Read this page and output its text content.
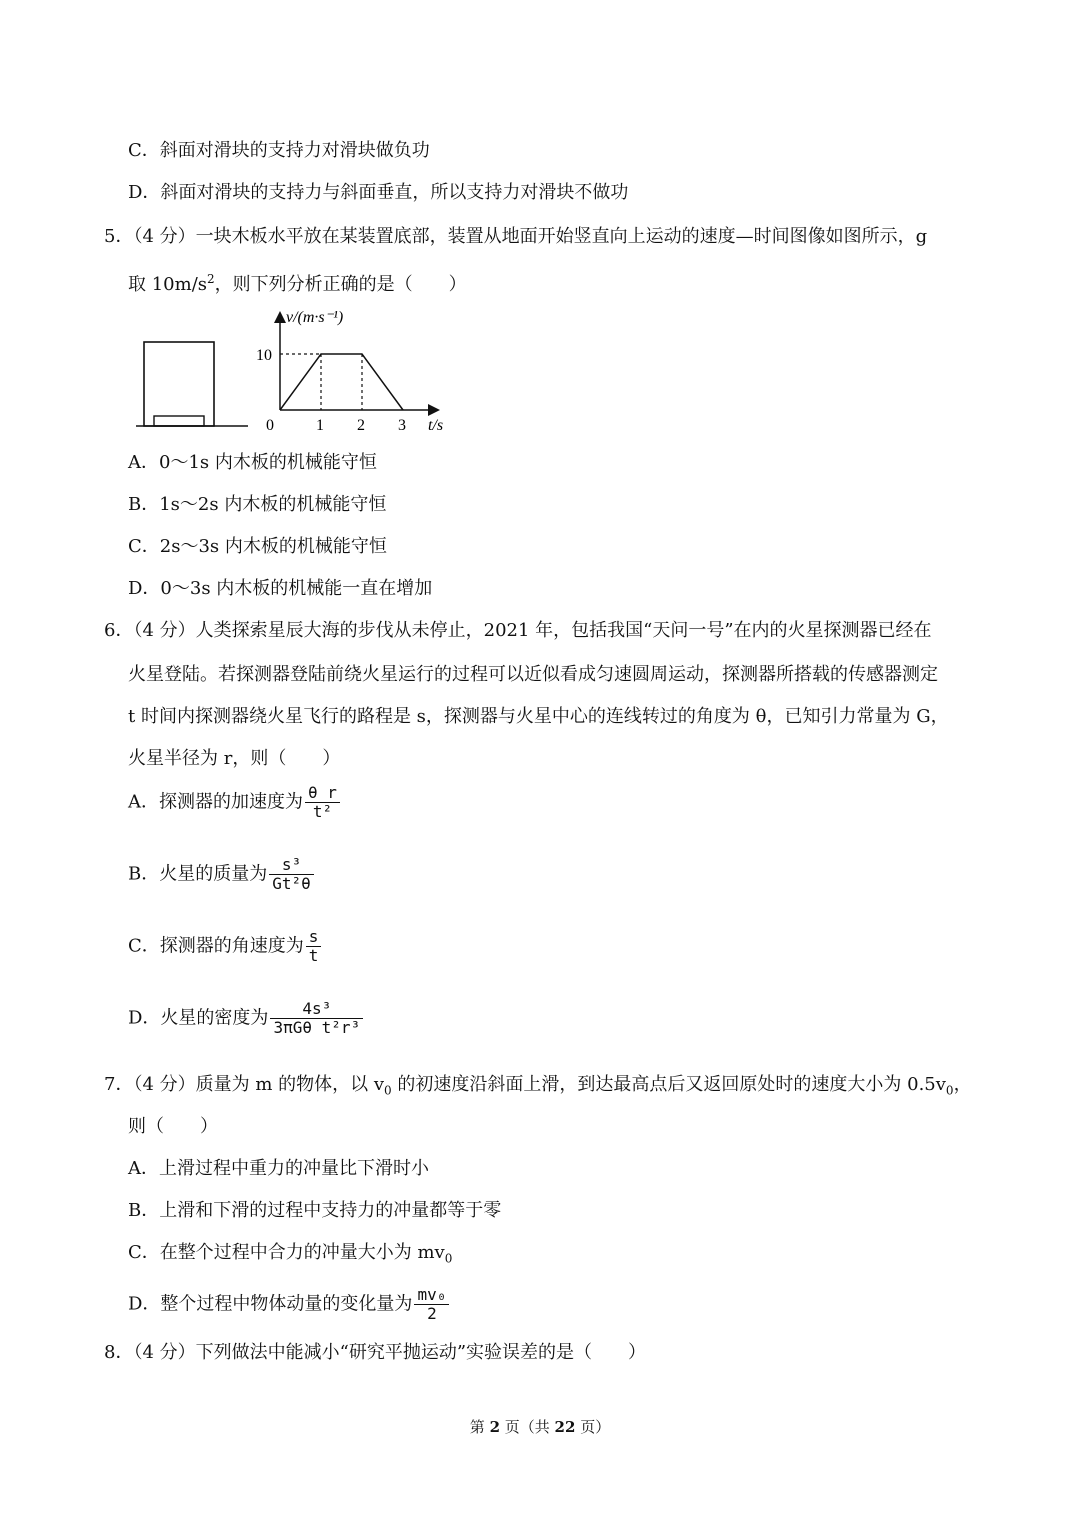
C．斜面对滑块的支持力对滑块做负功
D．斜面对滑块的支持力与斜面垂直，所以支持力对滑块不做功
5．（4 分）一块木板水平放在某装置底部，装置从地面开始竖直向上运动的速度—时间图像如图所示，g
取 $10m/s^2$，则下列分析正确的是（　　）
0	1 2 3
10
v/(m·s⁻¹)
t/s
A．0～1s 内木板的机械能守恒
B．1s～2s 内木板的机械能守恒
C．2s～3s 内木板的机械能守恒
D．0～3s 内木板的机械能一直在增加
6．（4 分）人类探索星辰大海的步伐从未停止，2021 年，包括我国“天问一号”在内的火星探测器已经在
火星登陆。若探测器登陆前绕火星运行的过程可以近似看成匀速圆周运动，探测器所搭载的传感器测定
t 时间内探测器绕火星飞行的路程是 s，探测器与火星中心的连线转过的角度为 θ，已知引力常量为 G，
火星半径为 r，则（　　）
A．探测器的加速度为 $\frac{\text{θ r}}{\text{t²}}$
B．火星的质量为 $\frac{\text{s³}}{\text{Gt²θ}}$
C．探测器的角速度为 $\frac{s}{t}$
D．火星的密度为 $\frac{\text{4s³}}{\text{3πGθ t²r³}}$
7．（4 分）质量为 m 的物体，以 $v_0$ 的初速度沿斜面上滑，到达最高点后又返回原处时的速度大小为 $0.5v_0$，
则（　　）
A．上滑过程中重力的冲量比下滑时小
B．上滑和下滑的过程中支持力的冲量都等于零
C．在整个过程中合力的冲量大小为 $mv_0$
D．整个过程中物体动量的变化量为 $\frac{\text{mv₀}}{2}$
8．（4 分）下列做法中能减小“研究平抛运动”实验误差的是（　　）
第 2 页（共 22 页）
